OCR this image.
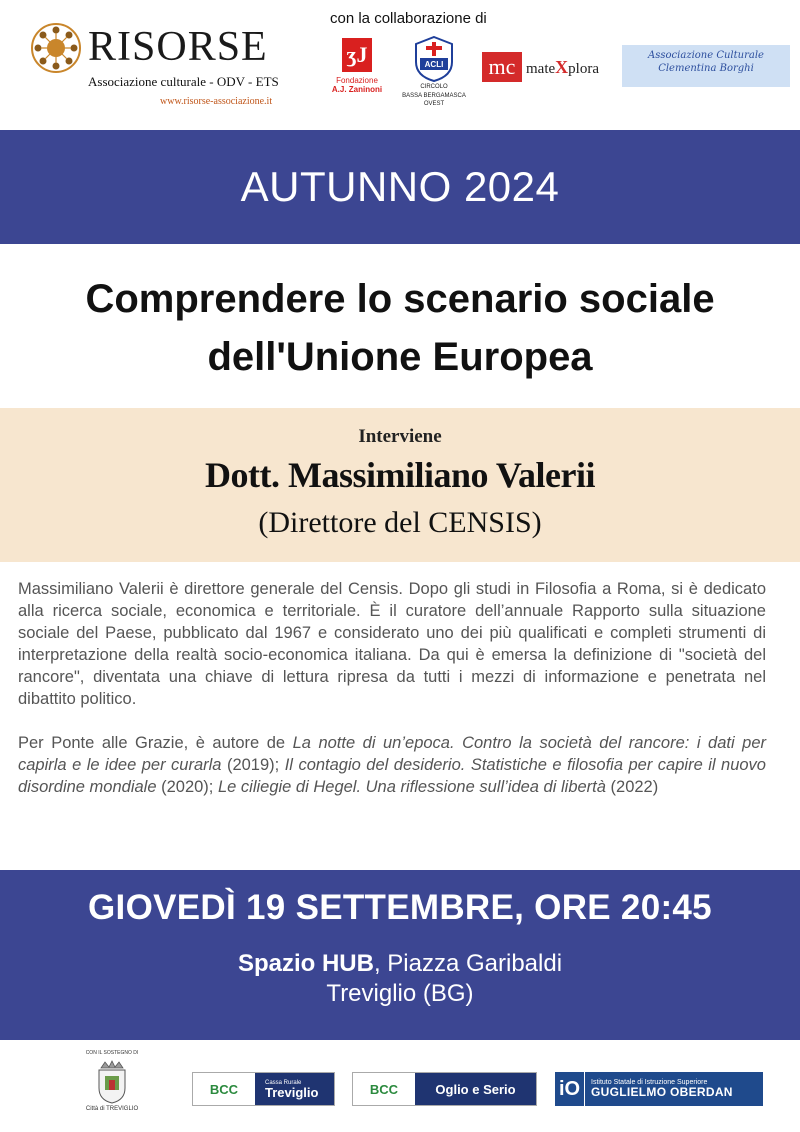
RISORSE
Associazione culturale - ODV - ETS
www.risorse-associazione.it
con la collaborazione di
ʒJ
Fondazione
A.J. Zaninoni
ACLI
CIRCOLO
BASSA BERGAMASCA
OVEST
mc mateXplora
Associazione Culturale
Clementina Borghi
AUTUNNO 2024
Comprendere lo scenario sociale
dell'Unione Europea
Interviene
Dott. Massimiliano Valerii
(Direttore del CENSIS)

Massimiliano Valerii è direttore generale del Censis. Dopo gli studi in Filosofia a Roma, si è dedicato alla ricerca sociale, economica e territoriale. È il curatore dell’annuale Rapporto sulla situazione sociale del Paese, pubblicato dal 1967 e considerato uno dei più qualificati e completi strumenti di interpretazione della realtà socio-economica italiana. Da qui è emersa la definizione di "società del rancore", diventata una chiave di lettura ripresa da tutti i mezzi di informazione e penetrata nel dibattito politico.

Per Ponte alle Grazie, è autore de La notte di un’epoca. Contro la società del rancore: i dati per capirla e le idee per curarla (2019); Il contagio del desiderio. Statistiche e filosofia per capire il nuovo disordine mondiale (2020); Le ciliegie di Hegel. Una riflessione sull’idea di libertà (2022)

GIOVEDÌ 19 SETTEMBRE, ORE 20:45
Spazio HUB, Piazza Garibaldi
Treviglio (BG)
CON IL SOSTEGNO DI
Città di TREVIGLIO
BCC	Cassa Rurale
Treviglio	BCC	Oglio e Serio	iO	Istituto Statale di Istruzione Superiore
GUGLIELMO OBERDAN
